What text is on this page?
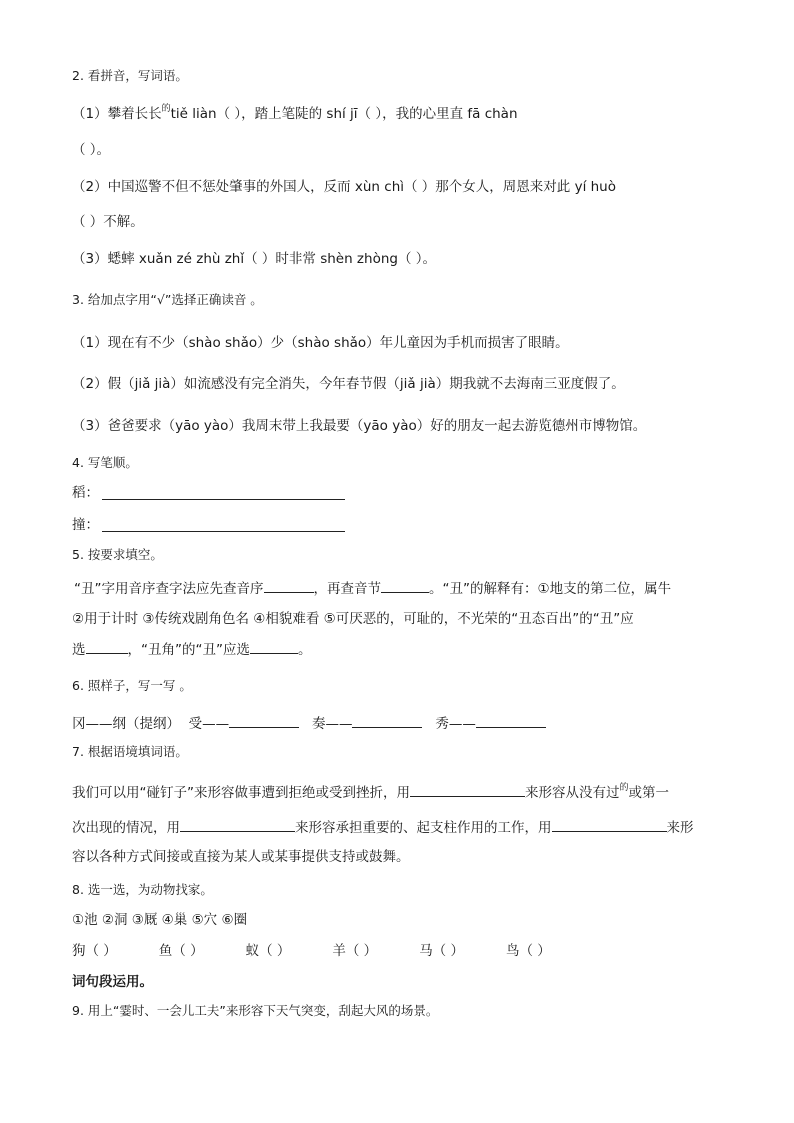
2. 看拼音，写词语。
（1）攀着长长$^的$tiě liàn（ ），踏上笔陡的 shí jī（ ），我的心里直 fā chàn
（ ）。
（2）中国巡警不但不惩处肇事的外国人，反而 xùn chì（ ）那个女人，周恩来对此 yí huò
（ ）不解。
（3）蟋蟀 xuǎn zé zhù zhǐ（ ）时非常 shèn zhòng（ ）。
3. 给加点字用“√”选择正确读音 。
（1）现在有不少（shào shǎo）少（shào shǎo）年儿童因为手机而损害了眼睛。
（2）假（jiǎ jià）如流感没有完全消失，今年春节假（jiǎ jià）期我就不去海南三亚度假了。
（3）爸爸要求（yāo yào）我周末带上我最要（yāo yào）好的朋友一起去游览德州市博物馆。
4. 写笔顺。
稻：
撞：
5. 按要求填空。
“丑”字用音序查字法应先查音序	，再查音节	。“丑”的解释有：①地支的第二位，属牛
②用于计时 ③传统戏剧角色名 ④相貌难看 ⑤可厌恶的，可耻的，不光荣的“丑态百出”的“丑”应
选	，“丑角”的“丑”应选	。
6. 照样子，写一写 。
冈——纲（提纲） 受——	奏——	秀——
7. 根据语境填词语。
我们可以用“碰钉子”来形容做事遭到拒绝或受到挫折，用	来形容从没有过$^的$或第一
次出现的情况，用	来形容承担重要的、起支柱作用的工作，用	来形
容以各种方式间接或直接为某人或某事提供支持或鼓舞。
8. 选一选，为动物找家。
①池 ②洞 ③厩 ④巢 ⑤穴 ⑥圈
狗（ ）	鱼（ ）	蚁（ ）	羊（ ）	马（ ）	鸟（ ）
词句段运用。
9. 用上“霎时、一会儿工夫”来形容下天气突变，刮起大风的场景。
